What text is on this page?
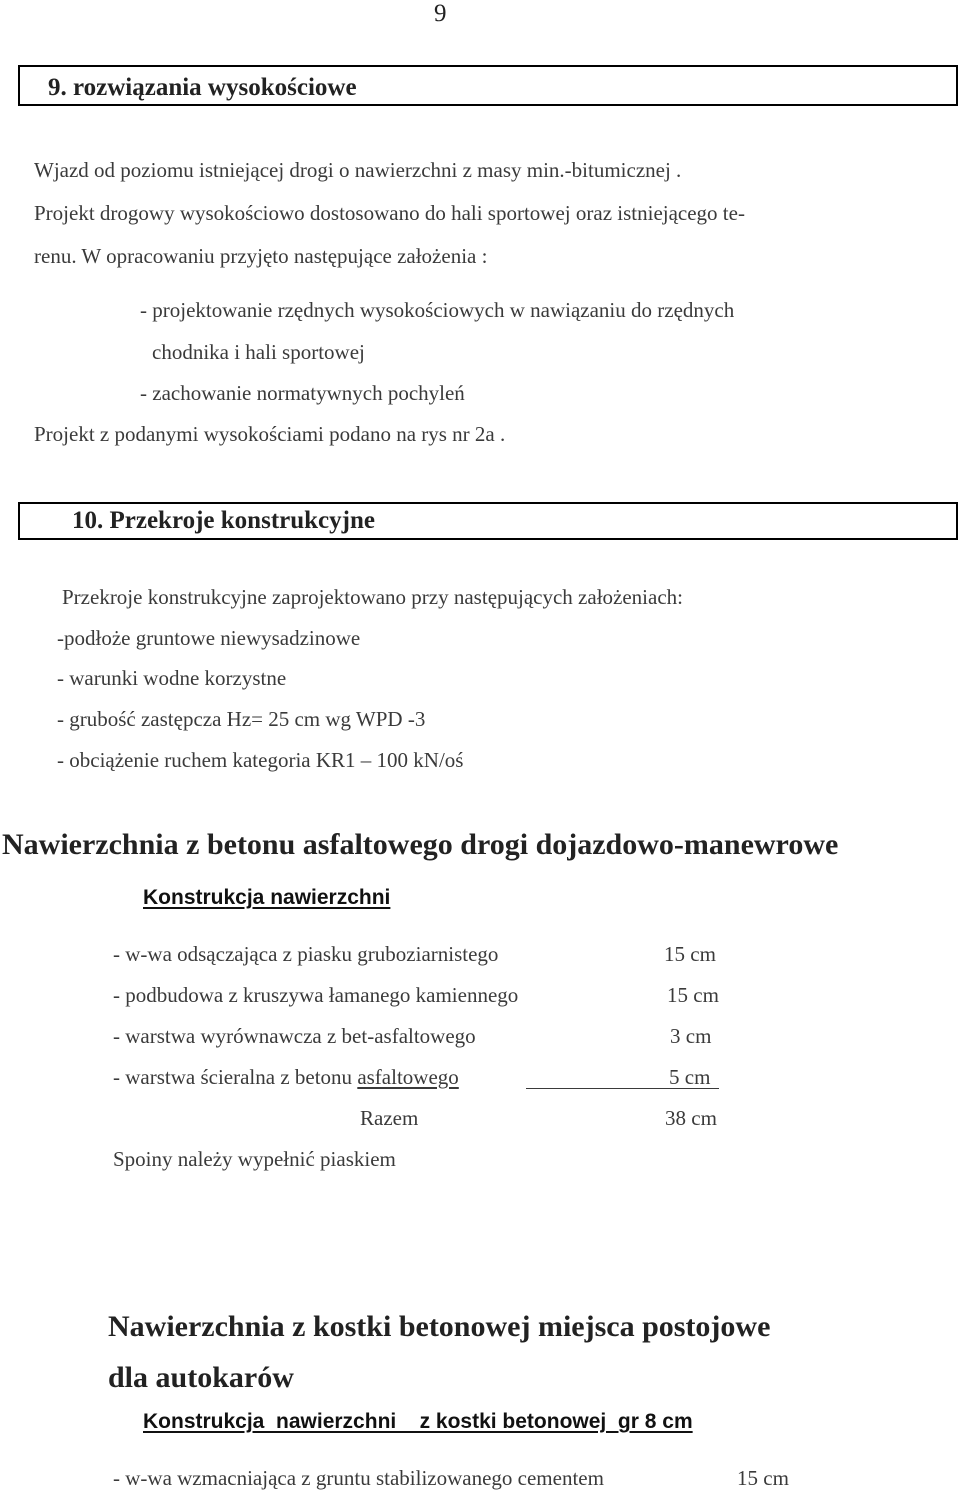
9
9. rozwiązania wysokościowe
Wjazd od poziomu istniejącej drogi o nawierzchni z masy min.-bitumicznej .
Projekt drogowy wysokościowo dostosowano do hali sportowej oraz istniejącego te-
renu. W opracowaniu przyjęto następujące założenia :
- projektowanie rzędnych wysokościowych w nawiązaniu do rzędnych
chodnika i hali sportowej
- zachowanie normatywnych pochyleń
Projekt z podanymi wysokościami podano na rys nr 2a .
10. Przekroje konstrukcyjne
Przekroje konstrukcyjne zaprojektowano przy następujących założeniach:
-podłoże gruntowe niewysadzinowe
- warunki wodne korzystne
- grubość zastępcza Hz= 25 cm wg WPD -3
- obciążenie ruchem kategoria KR1 – 100 kN/oś
Nawierzchnia z betonu asfaltowego drogi dojazdowo-manewrowe
Konstrukcja nawierzchni
- w-wa odsączająca z piasku gruboziarnistego	15 cm
- podbudowa z kruszywa łamanego kamiennego	15 cm
- warstwa wyrównawcza z bet-asfaltowego	3 cm
- warstwa ścieralna z betonu asfaltowego	5 cm
Razem	38 cm
Spoiny należy wypełnić piaskiem
Nawierzchnia z kostki betonowej miejsca postojowe
dla autokarów
Konstrukcja  nawierzchni    z kostki betonowej  gr 8 cm
- w-wa wzmacniająca z gruntu stabilizowanego cementem	15 cm
